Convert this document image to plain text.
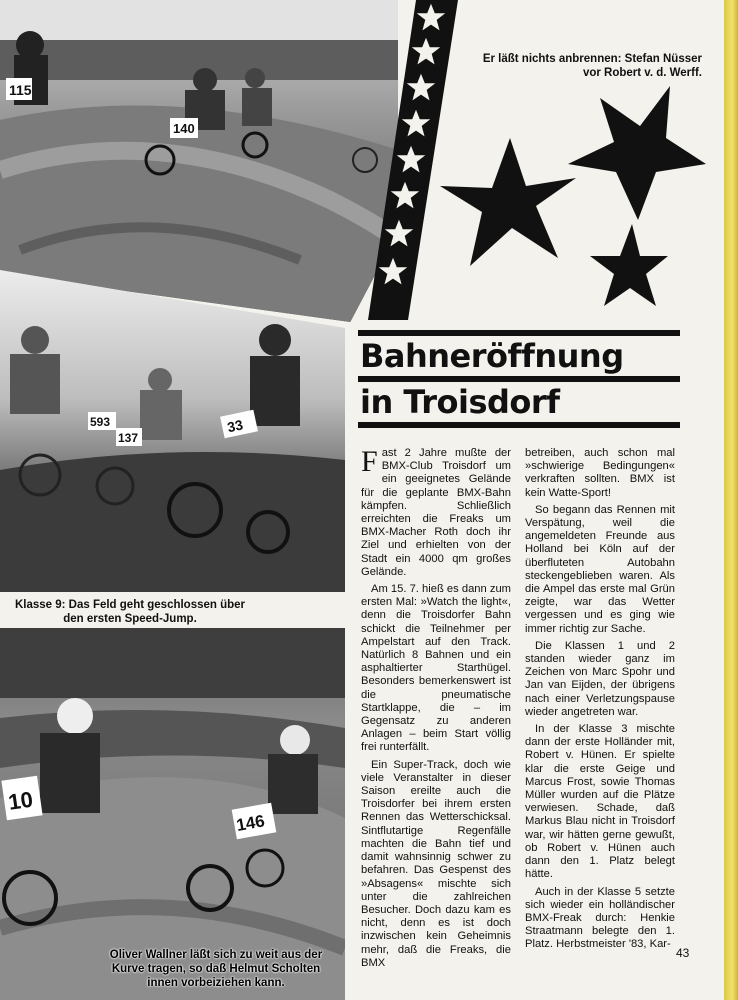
115
140
33
593
137
Klasse 9: Das Feld geht geschlossen über den ersten Speed-Jump.
10
146
Oliver Wallner läßt sich zu weit aus der Kurve tragen, so daß Helmut Scholten innen vorbeiziehen kann.
Er läßt nichts anbrennen: Stefan Nüsser vor Robert v. d. Werff.
Bahneröffnung
in Troisdorf

Fast 2 Jahre mußte der BMX-Club Troisdorf um ein geeignetes Gelände für die geplante BMX-Bahn kämpfen. Schließlich erreichten die Freaks um BMX-Macher Roth doch ihr Ziel und erhielten von der Stadt ein 4000 qm großes Gelände.

Am 15. 7. hieß es dann zum ersten Mal: »Watch the light«, denn die Troisdorfer Bahn schickt die Teilnehmer per Ampelstart auf den Track. Natürlich 8 Bahnen und ein asphaltierter Starthügel. Besonders bemerkenswert ist die pneumatische Startklappe, die – im Gegensatz zu anderen Anlagen – beim Start völlig frei runterfällt.

Ein Super-Track, doch wie viele Veranstalter in dieser Saison ereilte auch die Troisdorfer bei ihrem ersten Rennen das Wetterschicksal. Sintflutartige Regenfälle machten die Bahn tief und damit wahnsinnig schwer zu befahren. Das Gespenst des »Absagens« mischte sich unter die zahlreichen Besucher. Doch dazu kam es nicht, denn es ist doch inzwischen kein Geheimnis mehr, daß die Freaks, die BMX

betreiben, auch schon mal »schwierige Bedingungen« verkraften sollten. BMX ist kein Watte-Sport!

So begann das Rennen mit Verspätung, weil die angemeldeten Freunde aus Holland bei Köln auf der überfluteten Autobahn steckengeblieben waren. Als die Ampel das erste mal Grün zeigte, war das Wetter vergessen und es ging wie immer richtig zur Sache.

Die Klassen 1 und 2 standen wieder ganz im Zeichen von Marc Spohr und Jan van Eijden, der übrigens nach einer Verletzungspause wieder angetreten war.

In der Klasse 3 mischte dann der erste Holländer mit, Robert v. Hünen. Er spielte klar die erste Geige und Marcus Frost, sowie Thomas Müller wurden auf die Plätze verwiesen. Schade, daß Markus Blau nicht in Troisdorf war, wir hätten gerne gewußt, ob Robert v. Hünen auch dann den 1. Platz belegt hätte.

Auch in der Klasse 5 setzte sich wieder ein holländischer BMX-Freak durch: Henkie Straatmann belegte den 1. Platz. Herbstmeister '83, Kar-

43
